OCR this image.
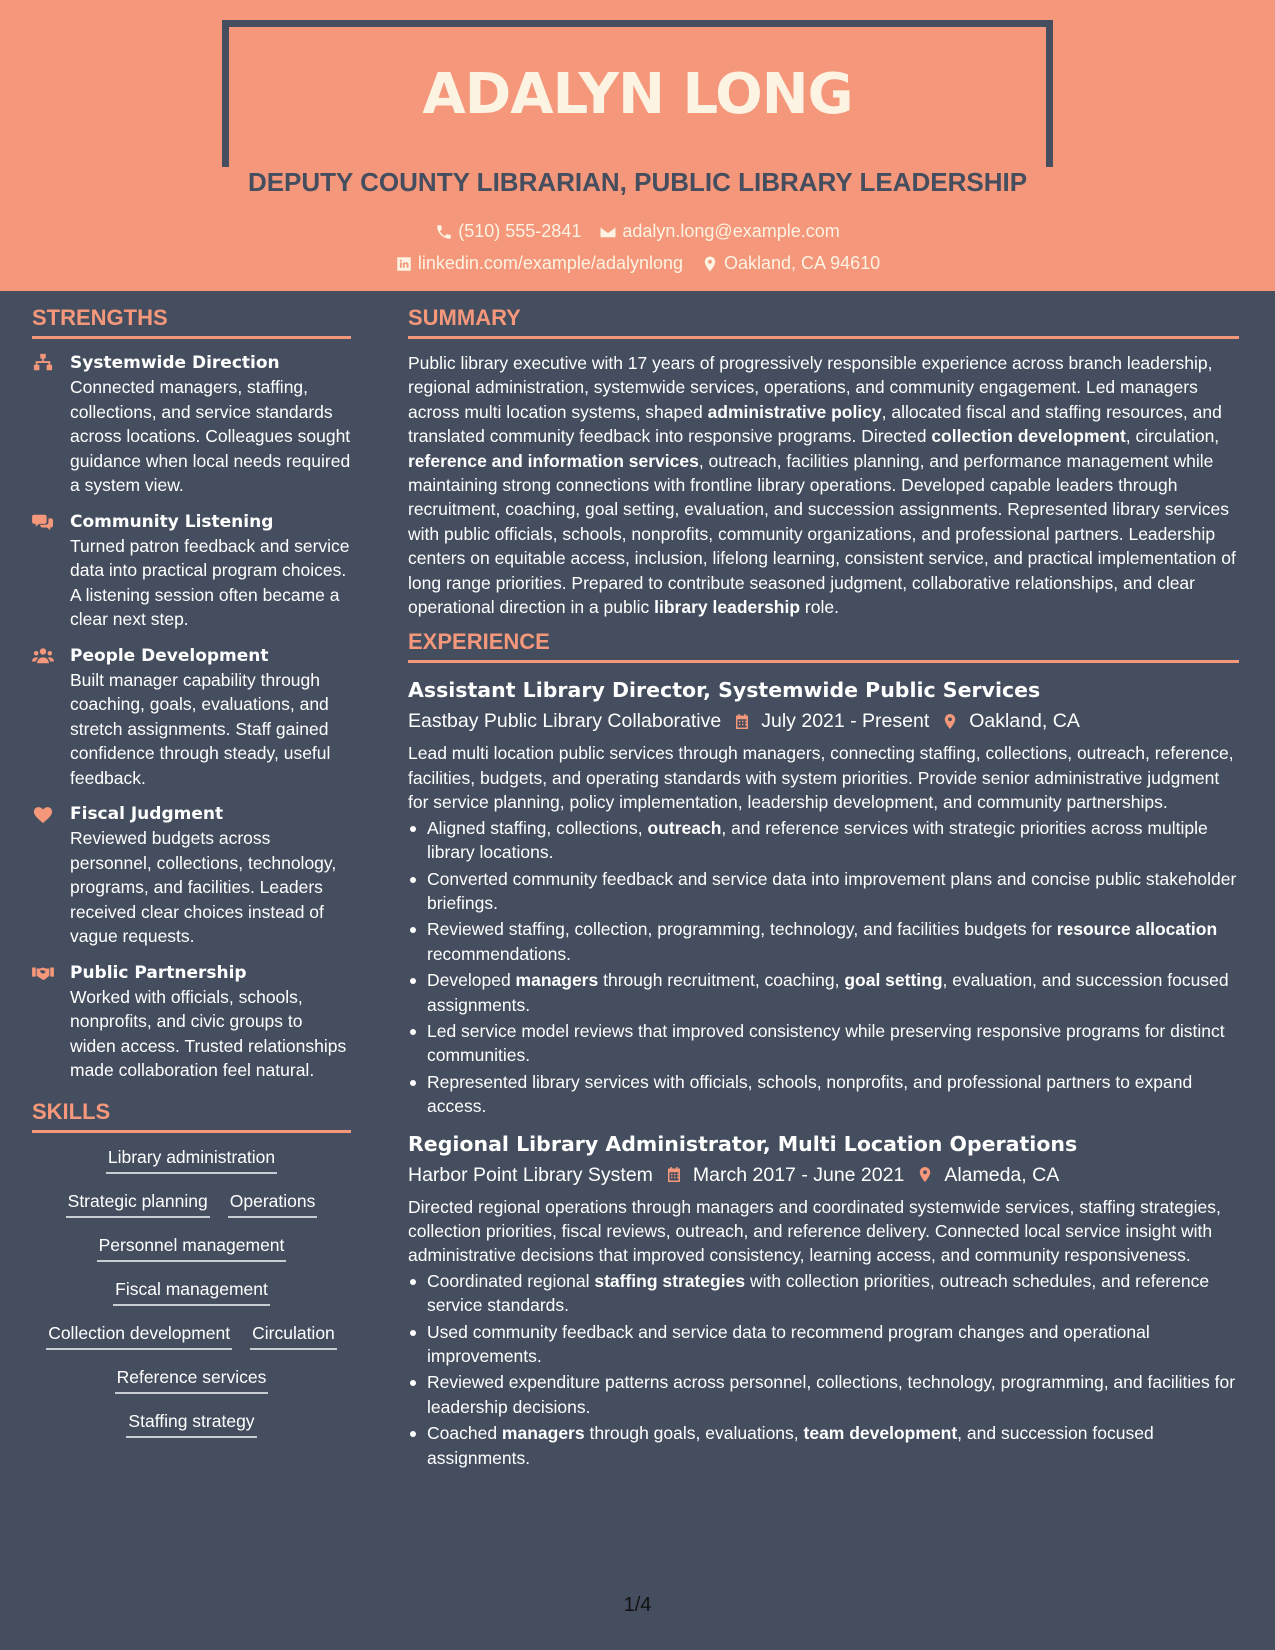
ADALYN LONG
DEPUTY COUNTY LIBRARIAN, PUBLIC LIBRARY LEADERSHIP
(510) 555-2841 adalyn.long@example.com
linkedin.com/example/adalynlong Oakland, CA 94610
STRENGTHS
Systemwide Direction

Connected managers, staffing, collections, and service standards across locations. Colleagues sought guidance when local needs required a system view.

Community Listening

Turned patron feedback and service data into practical program choices. A listening session often became a clear next step.

People Development

Built manager capability through coaching, goals, evaluations, and stretch assignments. Staff gained confidence through steady, useful feedback.

Fiscal Judgment

Reviewed budgets across personnel, collections, technology, programs, and facilities. Leaders received clear choices instead of vague requests.

Public Partnership

Worked with officials, schools, nonprofits, and civic groups to widen access. Trusted relationships made collaboration feel natural.

SKILLS
Library administration
Strategic planning Operations
Personnel management
Fiscal management
Collection development Circulation
Reference services
Staffing strategy
SUMMARY

Public library executive with 17 years of progressively responsible experience across branch leadership, regional administration, systemwide services, operations, and community engagement. Led managers across multi location systems, shaped administrative policy, allocated fiscal and staffing resources, and translated community feedback into responsive programs. Directed collection development, circulation, reference and information services, outreach, facilities planning, and performance management while maintaining strong connections with frontline library operations. Developed capable leaders through recruitment, coaching, goal setting, evaluation, and succession assignments. Represented library services with public officials, schools, nonprofits, community organizations, and professional partners. Leadership centers on equitable access, inclusion, lifelong learning, consistent service, and practical implementation of long range priorities. Prepared to contribute seasoned judgment, collaborative relationships, and clear operational direction in a public library leadership role.

EXPERIENCE
Assistant Library Director, Systemwide Public Services
Eastbay Public Library Collaborative July 2021 - Present Oakland, CA

Lead multi location public services through managers, connecting staffing, collections, outreach, reference, facilities, budgets, and operating standards with system priorities. Provide senior administrative judgment for service planning, policy implementation, leadership development, and community partnerships.

Aligned staffing, collections, outreach, and reference services with strategic priorities across multiple library locations.
Converted community feedback and service data into improvement plans and concise public stakeholder briefings.
Reviewed staffing, collection, programming, technology, and facilities budgets for resource allocation recommendations.
Developed managers through recruitment, coaching, goal setting, evaluation, and succession focused assignments.
Led service model reviews that improved consistency while preserving responsive programs for distinct communities.
Represented library services with officials, schools, nonprofits, and professional partners to expand access.
Regional Library Administrator, Multi Location Operations
Harbor Point Library System March 2017 - June 2021 Alameda, CA

Directed regional operations through managers and coordinated systemwide services, staffing strategies, collection priorities, fiscal reviews, outreach, and reference delivery. Connected local service insight with administrative decisions that improved consistency, learning access, and community responsiveness.

Coordinated regional staffing strategies with collection priorities, outreach schedules, and reference service standards.
Used community feedback and service data to recommend program changes and operational improvements.
Reviewed expenditure patterns across personnel, collections, technology, programming, and facilities for leadership decisions.
Coached managers through goals, evaluations, team development, and succession focused assignments.
1/4
